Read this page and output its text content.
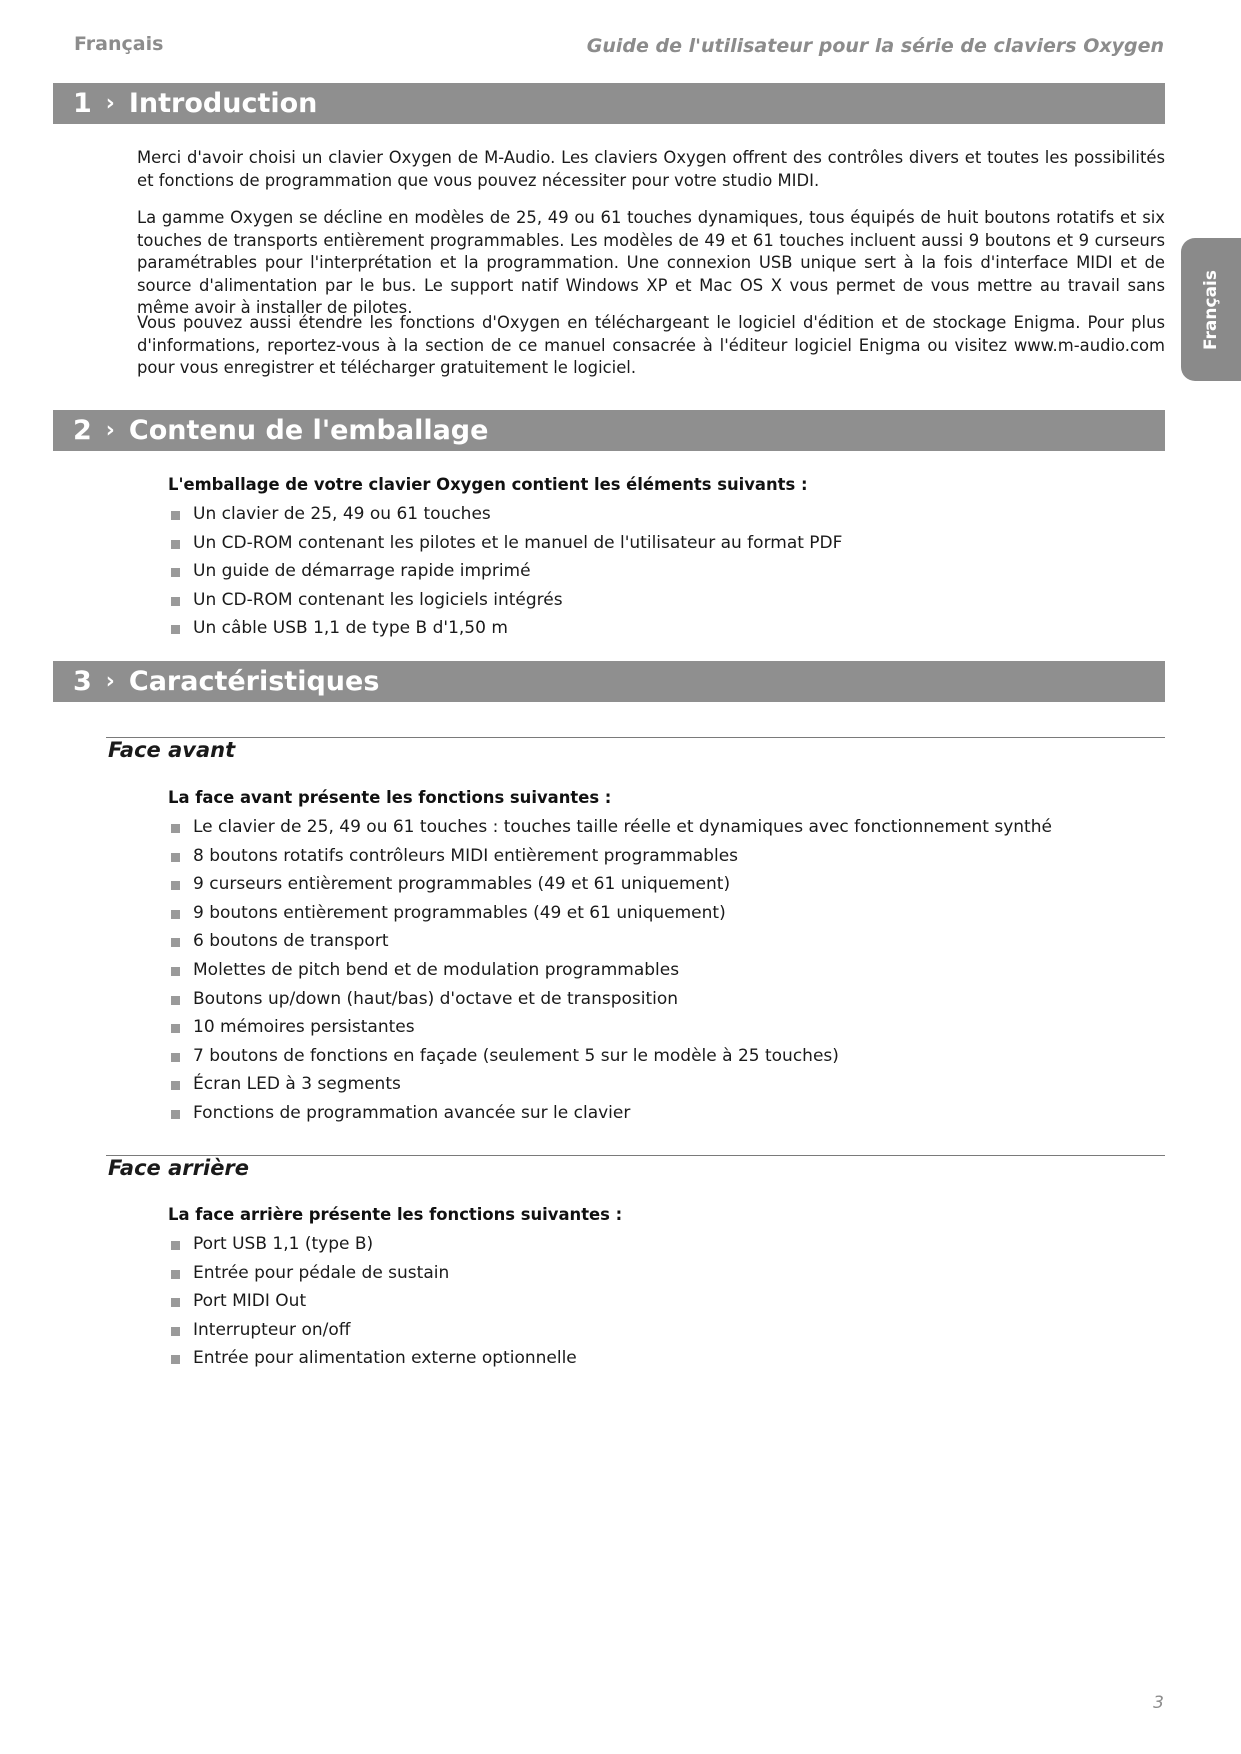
Français	Guide de l'utilisateur pour la série de claviers Oxygen
Français
1 › Introduction

Merci d'avoir choisi un clavier Oxygen de M-Audio. Les claviers Oxygen offrent des contrôles divers et toutes les possibilités et fonctions de programmation que vous pouvez nécessiter pour votre studio MIDI.

La gamme Oxygen se décline en modèles de 25, 49 ou 61 touches dynamiques, tous équipés de huit boutons rotatifs et six touches de transports entièrement programmables. Les modèles de 49 et 61 touches incluent aussi 9 boutons et 9 curseurs paramétrables pour l'interprétation et la programmation. Une connexion USB unique sert à la fois d'interface MIDI et de source d'alimentation par le bus. Le support natif Windows XP et Mac OS X vous permet de vous mettre au travail sans même avoir à installer de pilotes.

Vous pouvez aussi étendre les fonctions d'Oxygen en téléchargeant le logiciel d'édition et de stockage Enigma. Pour plus d'informations, reportez-vous à la section de ce manuel consacrée à l'éditeur logiciel Enigma ou visitez www.m-audio.com pour vous enregistrer et télécharger gratuitement le logiciel.

2 › Contenu de l'emballage
L'emballage de votre clavier Oxygen contient les éléments suivants :
Un clavier de 25, 49 ou 61 touches
Un CD-ROM contenant les pilotes et le manuel de l'utilisateur au format PDF
Un guide de démarrage rapide imprimé
Un CD-ROM contenant les logiciels intégrés
Un câble USB 1,1 de type B d'1,50 m
3 › Caractéristiques
Face avant
La face avant présente les fonctions suivantes :
Le clavier de 25, 49 ou 61 touches : touches taille réelle et dynamiques avec fonctionnement synthé
8 boutons rotatifs contrôleurs MIDI entièrement programmables
9 curseurs entièrement programmables (49 et 61 uniquement)
9 boutons entièrement programmables (49 et 61 uniquement)
6 boutons de transport
Molettes de pitch bend et de modulation programmables
Boutons up/down (haut/bas) d'octave et de transposition
10 mémoires persistantes
7 boutons de fonctions en façade (seulement 5 sur le modèle à 25 touches)
Écran LED à 3 segments
Fonctions de programmation avancée sur le clavier
Face arrière
La face arrière présente les fonctions suivantes :
Port USB 1,1 (type B)
Entrée pour pédale de sustain
Port MIDI Out
Interrupteur on/off
Entrée pour alimentation externe optionnelle
3
